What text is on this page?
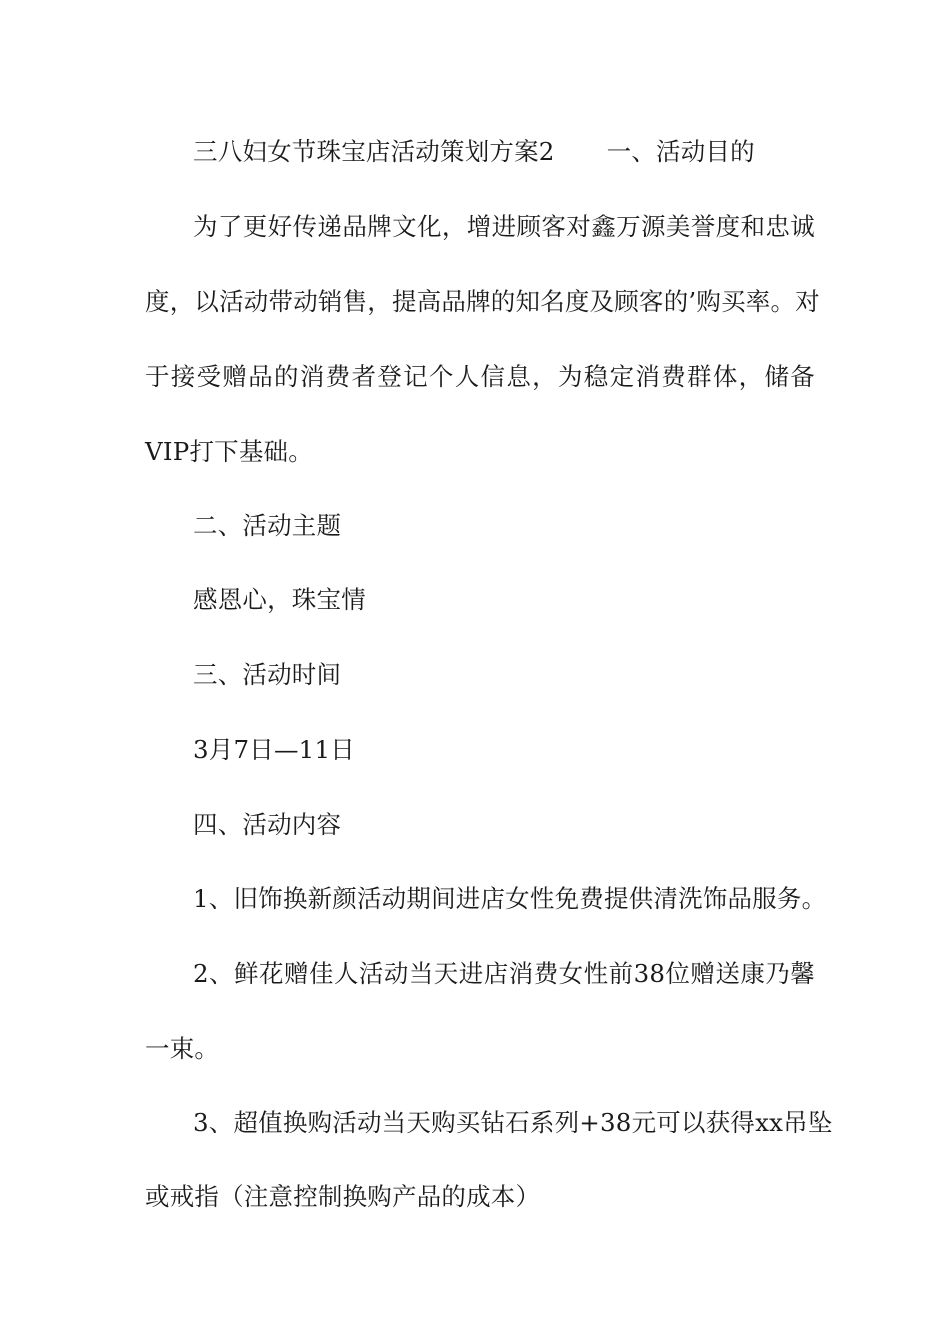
三八妇女节珠宝店活动策划方案2 一、活动目的
为了更好传递品牌文化，增进顾客对鑫万源美誉度和忠诚
度，以活动带动销售，提高品牌的知名度及顾客的’购买率。对
于接受赠品的消费者登记个人信息，为稳定消费群体，储备
VIP打下基础。
二、活动主题
感恩心，珠宝情
三、活动时间
3月7日—11日
四、活动内容
1、旧饰换新颜活动期间进店女性免费提供清洗饰品服务。
2、鲜花赠佳人活动当天进店消费女性前38位赠送康乃馨
一束。
3、超值换购活动当天购买钻石系列+38元可以获得xx吊坠
或戒指（注意控制换购产品的成本）
